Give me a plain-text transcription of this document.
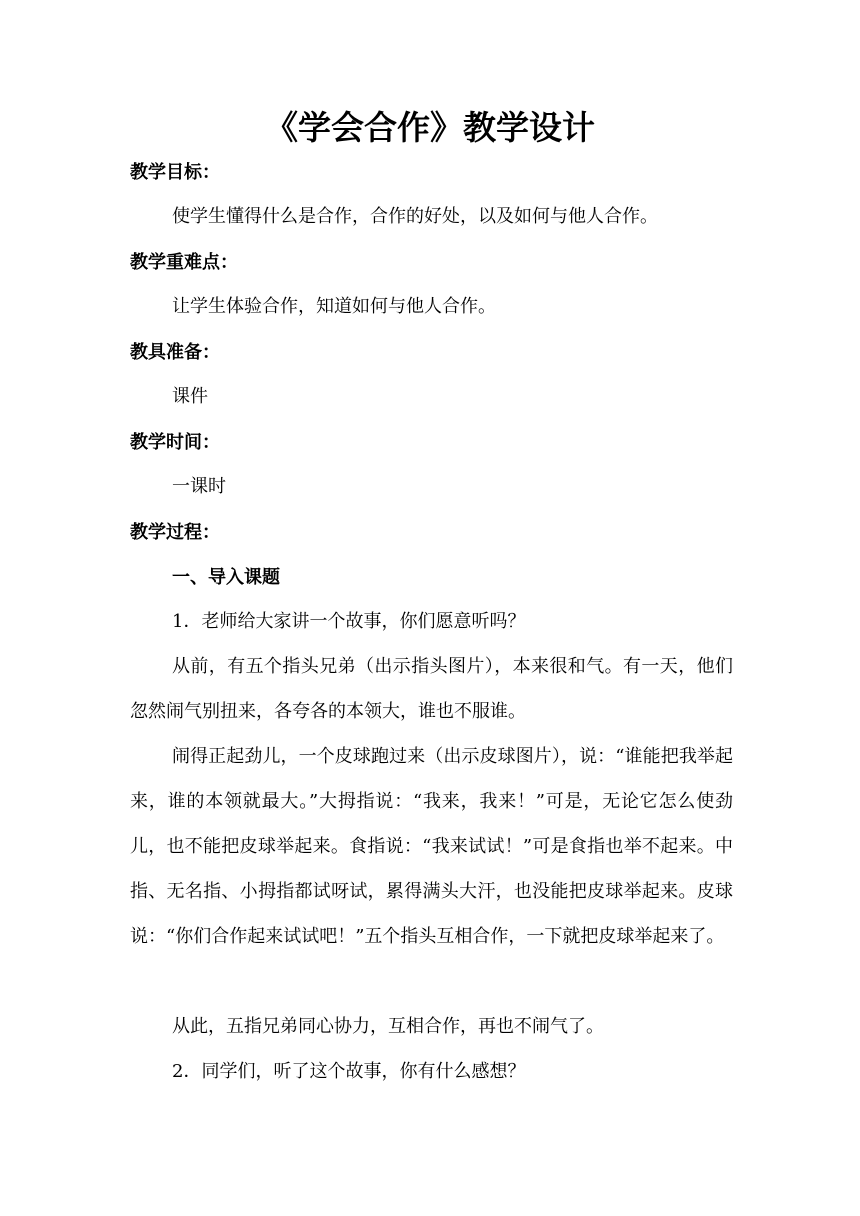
《学会合作》教学设计
教学目标：
使学生懂得什么是合作，合作的好处，以及如何与他人合作。
教学重难点：
让学生体验合作，知道如何与他人合作。
教具准备：
课件
教学时间：
一课时
教学过程：
一、导入课题
1．老师给大家讲一个故事，你们愿意听吗？
从前，有五个指头兄弟（出示指头图片），本来很和气。有一天，他们忽然闹气别扭来，各夸各的本领大，谁也不服谁。
闹得正起劲儿，一个皮球跑过来（出示皮球图片），说：“谁能把我举起来，谁的本领就最大。”大拇指说：“我来，我来！”可是，无论它怎么使劲儿，也不能把皮球举起来。食指说：“我来试试！”可是食指也举不起来。中指、无名指、小拇指都试呀试，累得满头大汗，也没能把皮球举起来。皮球说：“你们合作起来试试吧！”五个指头互相合作，一下就把皮球举起来了。
从此，五指兄弟同心协力，互相合作，再也不闹气了。
2．同学们，听了这个故事，你有什么感想？
